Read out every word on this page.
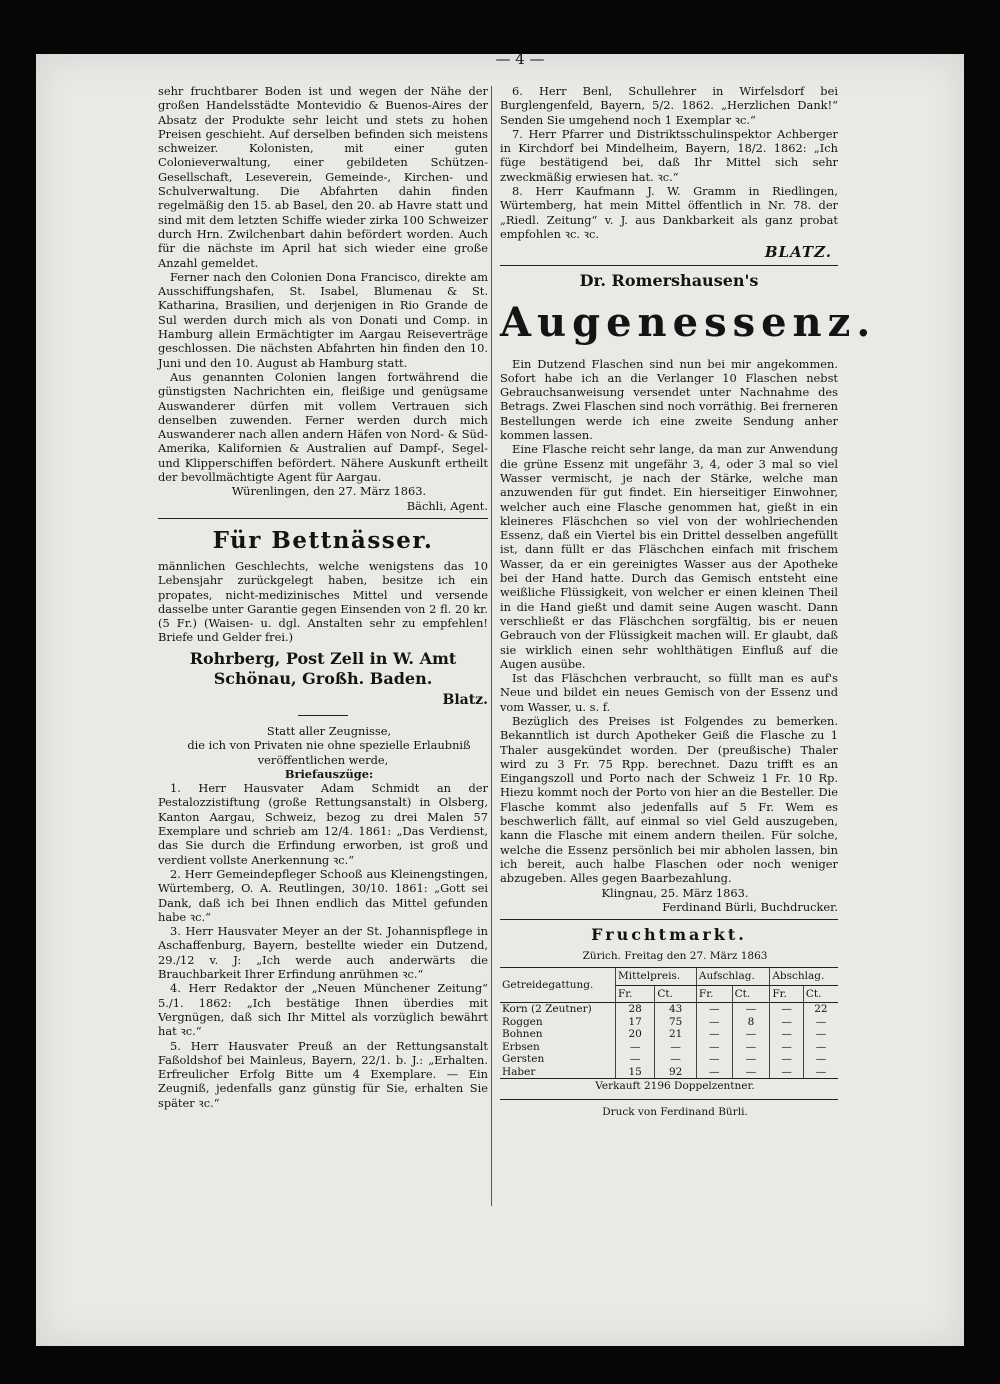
— 4 —

sehr fruchtbarer Boden ist und wegen der Nähe der großen Handelsstädte Montevidio & Buenos-Aires der Absatz der Produkte sehr leicht und stets zu hohen Preisen geschieht. Auf derselben befinden sich meistens schweizer. Kolonisten, mit einer guten Colonieverwaltung, einer gebildeten Schützen-Gesellschaft, Leseverein, Gemeinde-, Kirchen- und Schulverwaltung. Die Abfahrten dahin finden regelmäßig den 15. ab Basel, den 20. ab Havre statt und sind mit dem letzten Schiffe wieder zirka 100 Schweizer durch Hrn. Zwilchenbart dahin befördert worden. Auch für die nächste im April hat sich wieder eine große Anzahl gemeldet.

Ferner nach den Colonien Dona Francisco, direkte am Ausschiffungshafen, St. Isabel, Blumenau & St. Katharina, Brasilien, und derjenigen in Rio Grande de Sul werden durch mich als von Donati und Comp. in Hamburg allein Ermächtigter im Aargau Reiseverträge geschlossen. Die nächsten Abfahrten hin finden den 10. Juni und den 10. August ab Hamburg statt.

Aus genannten Colonien langen fortwährend die günstigsten Nachrichten ein, fleißige und genügsame Auswanderer dürfen mit vollem Vertrauen sich denselben zuwenden. Ferner werden durch mich Auswanderer nach allen andern Häfen von Nord- & Süd-Amerika, Kalifornien & Australien auf Dampf-, Segel- und Klipperschiffen befördert. Nähere Auskunft ertheilt der bevollmächtigte Agent für Aargau.

Würenlingen, den 27. März 1863.

Bächli, Agent.

Für Bettnässer.

männlichen Geschlechts, welche wenigstens das 10 Lebensjahr zurückgelegt haben, besitze ich ein propates, nicht-medizinisches Mittel und versende dasselbe unter Garantie gegen Einsenden von 2 fl. 20 kr. (5 Fr.) (Waisen- u. dgl. Anstalten sehr zu empfehlen! Briefe und Gelder frei.)

Rohrberg, Post Zell in W. Amt Schönau, Großh. Baden.
Blatz.

Statt aller Zeugnisse,

die ich von Privaten nie ohne spezielle Erlaubniß veröffentlichen werde,

Briefauszüge:

1. Herr Hausvater Adam Schmidt an der Pestalozzistiftung (große Rettungsanstalt) in Olsberg, Kanton Aargau, Schweiz, bezog zu drei Malen 57 Exemplare und schrieb am 12/4. 1861: „Das Verdienst, das Sie durch die Erfindung erworben, ist groß und verdient vollste Anerkennung ꝛc.“

2. Herr Gemeindepfleger Schooß aus Kleinengstingen, Würtemberg, O. A. Reutlingen, 30/10. 1861: „Gott sei Dank, daß ich bei Ihnen endlich das Mittel gefunden habe ꝛc.“

3. Herr Hausvater Meyer an der St. Johannispflege in Aschaffenburg, Bayern, bestellte wieder ein Dutzend, 29./12 v. J: „Ich werde auch anderwärts die Brauchbarkeit Ihrer Erfindung anrühmen ꝛc.“

4. Herr Redaktor der „Neuen Münchener Zeitung“ 5./1. 1862: „Ich bestätige Ihnen überdies mit Vergnügen, daß sich Ihr Mittel als vorzüglich bewährt hat ꝛc.“

5. Herr Hausvater Preuß an der Rettungsanstalt Faßoldshof bei Mainleus, Bayern, 22/1. b. J.: „Erhalten. Erfreulicher Erfolg Bitte um 4 Exemplare. — Ein Zeugniß, jedenfalls ganz günstig für Sie, erhalten Sie später ꝛc.“

6. Herr Benl, Schullehrer in Wirfelsdorf bei Burglengenfeld, Bayern, 5/2. 1862. „Herzlichen Dank!“ Senden Sie umgehend noch 1 Exemplar ꝛc.“

7. Herr Pfarrer und Distriktsschulinspektor Achberger in Kirchdorf bei Mindelheim, Bayern, 18/2. 1862: „Ich füge bestätigend bei, daß Ihr Mittel sich sehr zweckmäßig erwiesen hat. ꝛc.“

8. Herr Kaufmann J. W. Gramm in Riedlingen, Würtemberg, hat mein Mittel öffentlich in Nr. 78. der „Riedl. Zeitung“ v. J. aus Dankbarkeit als ganz probat empfohlen ꝛc. ꝛc.

BLATZ.
Dr. Romershausen's
Augenessenz.

Ein Dutzend Flaschen sind nun bei mir angekommen. Sofort habe ich an die Verlanger 10 Flaschen nebst Gebrauchsanweisung versendet unter Nachnahme des Betrags. Zwei Flaschen sind noch vorräthig. Bei frerneren Bestellungen werde ich eine zweite Sendung anher kommen lassen.

Eine Flasche reicht sehr lange, da man zur Anwendung die grüne Essenz mit ungefähr 3, 4, oder 3 mal so viel Wasser vermischt, je nach der Stärke, welche man anzuwenden für gut findet. Ein hierseitiger Einwohner, welcher auch eine Flasche genommen hat, gießt in ein kleineres Fläschchen so viel von der wohlriechenden Essenz, daß ein Viertel bis ein Drittel desselben angefüllt ist, dann füllt er das Fläschchen einfach mit frischem Wasser, da er ein gereinigtes Wasser aus der Apotheke bei der Hand hatte. Durch das Gemisch entsteht eine weißliche Flüssigkeit, von welcher er einen kleinen Theil in die Hand gießt und damit seine Augen wascht. Dann verschließt er das Fläschchen sorgfältig, bis er neuen Gebrauch von der Flüssigkeit machen will. Er glaubt, daß sie wirklich einen sehr wohlthätigen Einfluß auf die Augen ausübe.

Ist das Fläschchen verbraucht, so füllt man es auf's Neue und bildet ein neues Gemisch von der Essenz und vom Wasser, u. s. f.

Bezüglich des Preises ist Folgendes zu bemerken. Bekanntlich ist durch Apotheker Geiß die Flasche zu 1 Thaler ausgekündet worden. Der (preußische) Thaler wird zu 3 Fr. 75 Rpp. berechnet. Dazu trifft es an Eingangszoll und Porto nach der Schweiz 1 Fr. 10 Rp. Hiezu kommt noch der Porto von hier an die Besteller. Die Flasche kommt also jedenfalls auf 5 Fr. Wem es beschwerlich fällt, auf einmal so viel Geld auszugeben, kann die Flasche mit einem andern theilen. Für solche, welche die Essenz persönlich bei mir abholen lassen, bin ich bereit, auch halbe Flaschen oder noch weniger abzugeben. Alles gegen Baarbezahlung.

Klingnau, 25. März 1863.

Ferdinand Bürli, Buchdrucker.

Fruchtmarkt.

Zürich. Freitag den 27. März 1863

Getreidegattung.	Mittelpreis.		Aufschlag.		Abschlag.	
	Fr.	Ct.	Fr.	Ct.	Fr.	Ct.
Korn (2 Zeutner)	28	43	—	—	—	22
Roggen	17	75	—	8	—	—
Bohnen	20	21	—	—	—	—
Erbsen	—	—	—	—	—	—
Gersten	—	—	—	—	—	—
Haber	15	92	—	—	—	—

Verkauft 2196 Doppelzentner.

Druck von Ferdinand Bürli.
